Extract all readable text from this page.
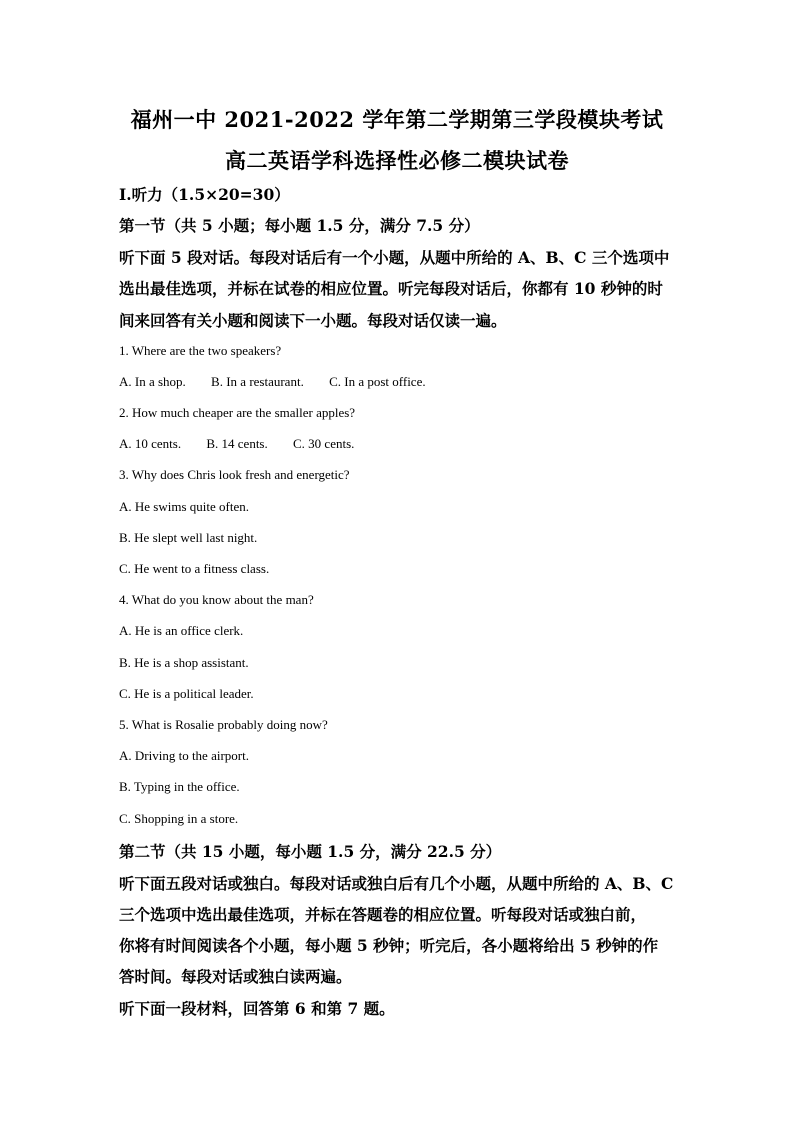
福州一中 2021-2022 学年第二学期第三学段模块考试
高二英语学科选择性必修二模块试卷
I.听力（1.5×20=30）
第一节（共 5 小题；每小题 1.5 分，满分 7.5 分）
听下面 5 段对话。每段对话后有一个小题，从题中所给的 A、B、C 三个选项中
选出最佳选项，并标在试卷的相应位置。听完每段对话后，你都有 10 秒钟的时
间来回答有关小题和阅读下一小题。每段对话仅读一遍。
1. Where are the two speakers?
A. In a shop. B. In a restaurant. C. In a post office.
2. How much cheaper are the smaller apples?
A. 10 cents. B. 14 cents. C. 30 cents.
3. Why does Chris look fresh and energetic?
A. He swims quite often.
B. He slept well last night.
C. He went to a fitness class.
4. What do you know about the man?
A. He is an office clerk.
B. He is a shop assistant.
C. He is a political leader.
5. What is Rosalie probably doing now?
A. Driving to the airport.
B. Typing in the office.
C. Shopping in a store.
第二节（共 15 小题，每小题 1.5 分，满分 22.5 分）
听下面五段对话或独白。每段对话或独白后有几个小题，从题中所给的 A、B、C
三个选项中选出最佳选项，并标在答题卷的相应位置。听每段对话或独白前，
你将有时间阅读各个小题，每小题 5 秒钟；听完后，各小题将给出 5 秒钟的作
答时间。每段对话或独白读两遍。
听下面一段材料，回答第 6 和第 7 题。
